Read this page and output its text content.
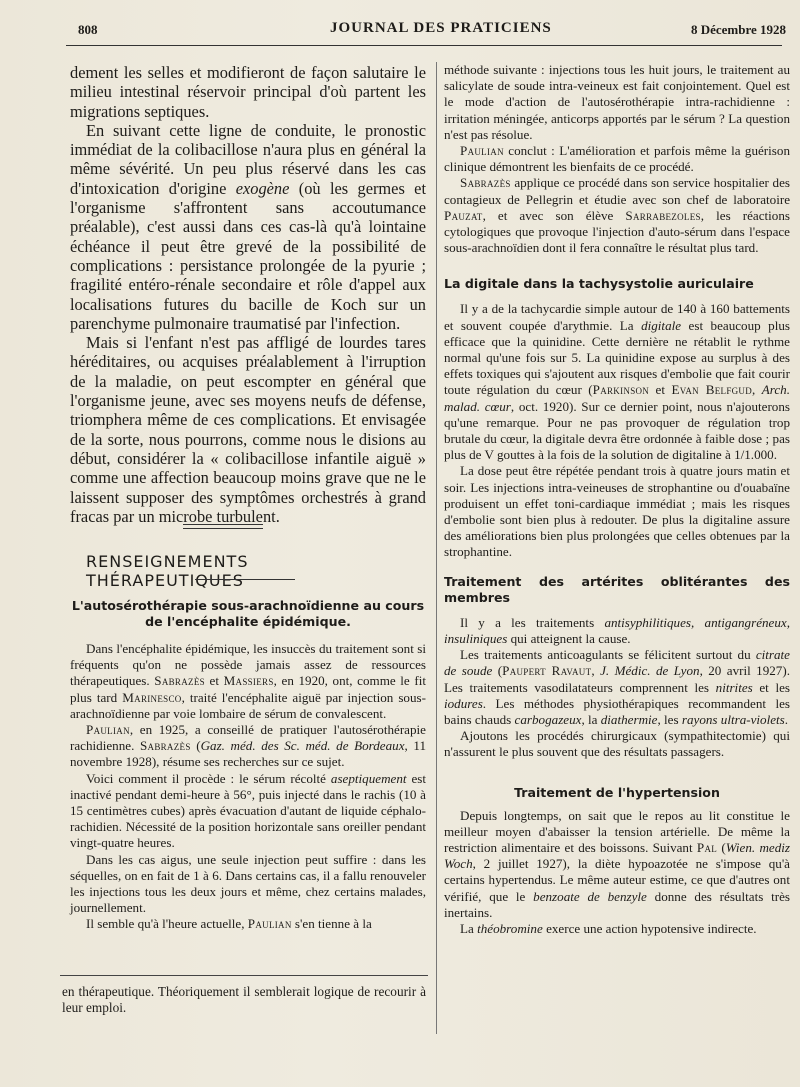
808	JOURNAL DES PRATICIENS	8 Décembre 1928

dement les selles et modifieront de façon salutaire le milieu intestinal réservoir principal d'où partent les migrations septiques.

En suivant cette ligne de conduite, le pronostic immédiat de la colibacillose n'aura plus en général la même sévérité. Un peu plus réservé dans les cas d'intoxication d'origine exogène (où les germes et l'organisme s'affrontent sans accoutumance préalable), c'est aussi dans ces cas-là qu'à lointaine échéance il peut être grevé de la possibilité de complications : persistance prolongée de la pyurie ; fragilité entéro-rénale secondaire et rôle d'appel aux localisations futures du bacille de Koch sur un parenchyme pulmonaire traumatisé par l'infection.

Mais si l'enfant n'est pas affligé de lourdes tares héréditaires, ou acquises préalablement à l'irruption de la maladie, on peut escompter en général que l'organisme jeune, avec ses moyens neufs de défense, triomphera même de ces complications. Et envisagée de la sorte, nous pourrons, comme nous le disions au début, considérer la « colibacillose infantile aiguë » comme une affection beaucoup moins grave que ne le laissent supposer des symptômes orchestrés à grand fracas par un microbe turbulent.

RENSEIGNEMENTS THÉRAPEUTIQUES

L'autosérothérapie sous-arachnoïdienne au cours de l'encéphalite épidémique.

Dans l'encéphalite épidémique, les insuccès du traitement sont si fréquents qu'on ne possède jamais assez de ressources thérapeutiques. Sabrazès et Massiers, en 1920, ont, comme le fit plus tard Marinesco, traité l'encéphalite aiguë par injection sous-arachnoïdienne par voie lombaire de sérum de convalescent.

Paulian, en 1925, a conseillé de pratiquer l'autosérothérapie rachidienne. Sabrazès (Gaz. méd. des Sc. méd. de Bordeaux, 11 novembre 1928), résume ses recherches sur ce sujet.

Voici comment il procède : le sérum récolté aseptiquement est inactivé pendant demi-heure à 56°, puis injecté dans le rachis (10 à 15 centimètres cubes) après évacuation d'autant de liquide céphalo-rachidien. Nécessité de la position horizontale sans oreiller pendant vingt-quatre heures.

Dans les cas aigus, une seule injection peut suffire : dans les séquelles, on en fait de 1 à 6. Dans certains cas, il a fallu renouveler les injections tous les deux jours et même, chez certains malades, journellement.

Il semble qu'à l'heure actuelle, Paulian s'en tienne à la

en thérapeutique. Théoriquement il semblerait logique de recourir à leur emploi.

méthode suivante : injections tous les huit jours, le traitement au salicylate de soude intra-veineux est fait conjointement. Quel est le mode d'action de l'autosérothérapie intra-rachidienne : irritation méningée, anticorps apportés par le sérum ? La question n'est pas résolue.

Paulian conclut : L'amélioration et parfois même la guérison clinique démontrent les bienfaits de ce procédé.

Sabrazès applique ce procédé dans son service hospitalier des contagieux de Pellegrin et étudie avec son chef de laboratoire Pauzat, et avec son élève Sarrabezoles, les réactions cytologiques que provoque l'injection d'auto-sérum dans l'espace sous-arachnoïdien dont il fera connaître le résultat plus tard.

La digitale dans la tachysystolie auriculaire

Il y a de la tachycardie simple autour de 140 à 160 battements et souvent coupée d'arythmie. La digitale est beaucoup plus efficace que la quinidine. Cette dernière ne rétablit le rythme normal qu'une fois sur 5. La quinidine expose au surplus à des effets toxiques qui s'ajoutent aux risques d'embolie que fait courir toute régulation du cœur (Parkinson et Evan Belfgud, Arch. malad. cœur, oct. 1920). Sur ce dernier point, nous n'ajouterons qu'une remarque. Pour ne pas provoquer de régulation trop brutale du cœur, la digitale devra être ordonnée à faible dose ; pas plus de V gouttes à la fois de la solution de digitaline à 1/1.000.

La dose peut être répétée pendant trois à quatre jours matin et soir. Les injections intra-veineuses de strophantine ou d'ouabaïne produisent un effet toni-cardiaque immédiat ; mais les risques d'embolie sont bien plus à redouter. De plus la digitaline assure des améliorations bien plus prolongées que celles obtenues par la strophantine.

Traitement des artérites oblitérantes des membres

Il y a les traitements antisyphilitiques, antigangréneux, insuliniques qui atteignent la cause.

Les traitements anticoagulants se félicitent surtout du citrate de soude (Paupert Ravaut, J. Médic. de Lyon, 20 avril 1927). Les traitements vasodilatateurs comprennent les nitrites et les iodures. Les méthodes physiothérapiques recommandent les bains chauds carbogazeux, la diathermie, les rayons ultra-violets.

Ajoutons les procédés chirurgicaux (sympathitectomie) qui n'assurent le plus souvent que des résultats passagers.

Traitement de l'hypertension

Depuis longtemps, on sait que le repos au lit constitue le meilleur moyen d'abaisser la tension artérielle. De même la restriction alimentaire et des boissons. Suivant Pal (Wien. mediz Woch, 2 juillet 1927), la diète hypoazotée ne s'impose qu'à certains hypertendus. Le même auteur estime, ce que d'autres ont vérifié, que le benzoate de benzyle donne des résultats très inertains.

La théobromine exerce une action hypotensive indirecte.
